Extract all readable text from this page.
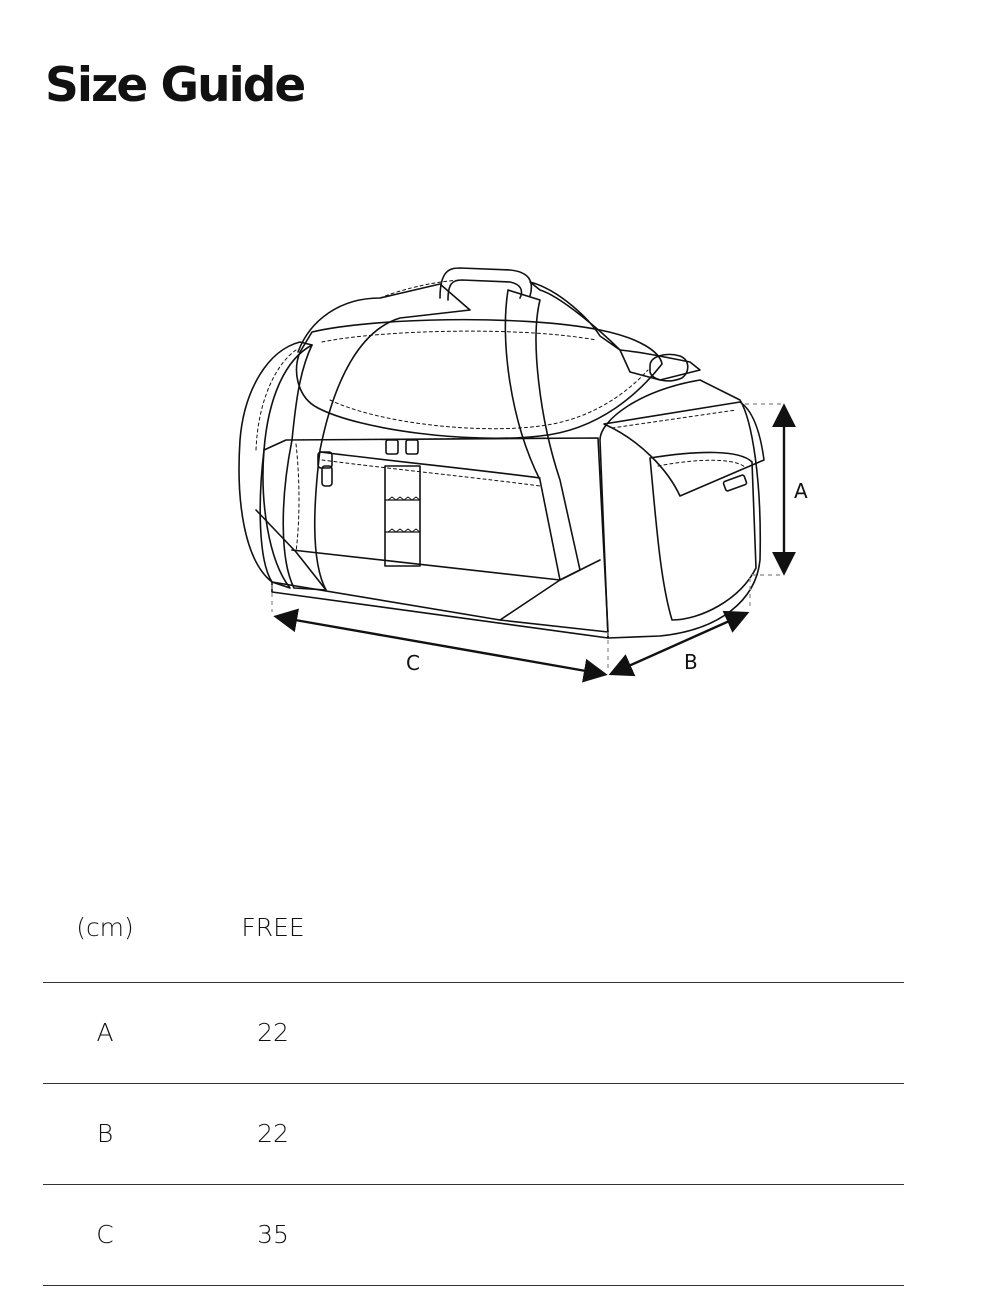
Size Guide
A
B
C
(cm)	FREE
A	22
B	22
C	35
